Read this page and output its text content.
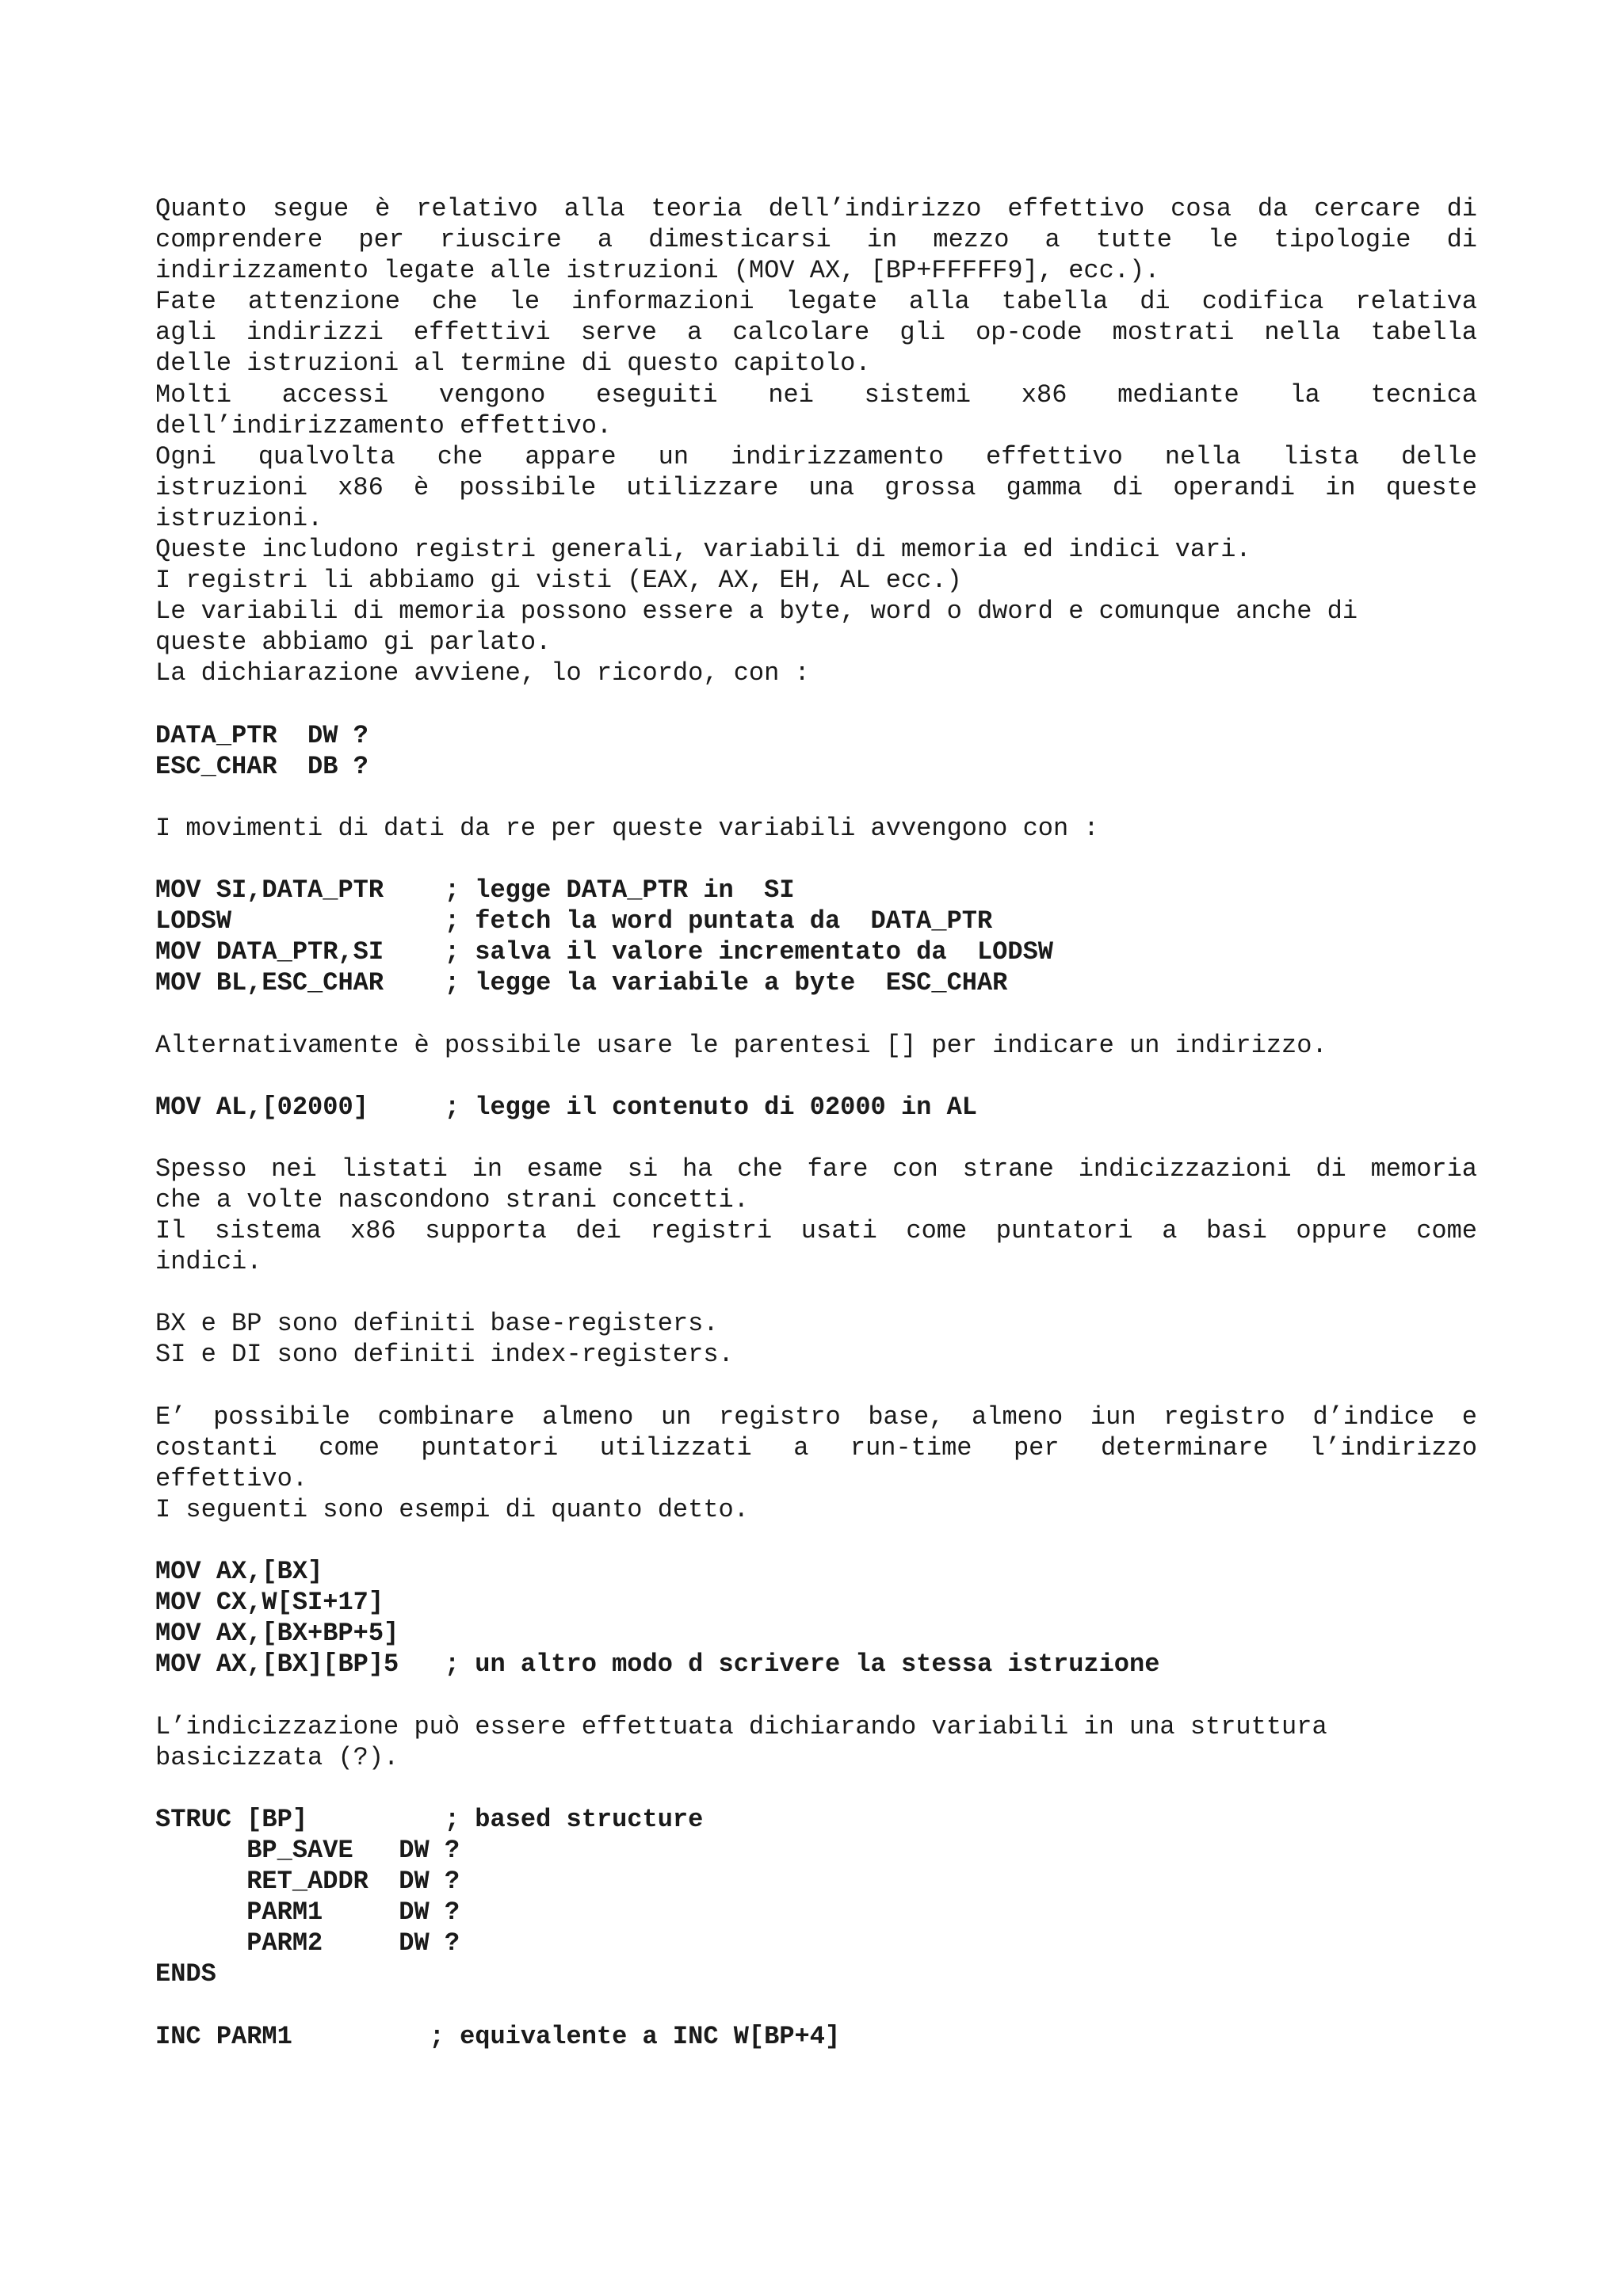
Quanto segue è relativo alla teoria dell’indirizzo effettivo cosa da cercare di
comprendere per riuscire a dimesticarsi in mezzo a tutte le tipologie di
indirizzamento legate alle istruzioni (MOV AX, [BP+FFFFF9], ecc.).
Fate attenzione che le informazioni legate alla tabella di codifica relativa
agli indirizzi effettivi serve a calcolare gli op-code mostrati nella tabella
delle istruzioni al termine di questo capitolo.
Molti accessi vengono eseguiti nei sistemi x86 mediante la tecnica
dell’indirizzamento effettivo.
Ogni qualvolta che appare un indirizzamento effettivo nella lista delle
istruzioni x86 è possibile utilizzare una grossa gamma di operandi in queste
istruzioni.
Queste includono registri generali, variabili di memoria ed indici vari.
I registri li abbiamo gi visti (EAX, AX, EH, AL ecc.)
Le variabili di memoria possono essere a byte, word o dword e comunque anche di
queste abbiamo gi parlato.
La dichiarazione avviene, lo ricordo, con :
DATA_PTR  DW ?
ESC_CHAR  DB ?
I movimenti di dati da re per queste variabili avvengono con :
MOV SI,DATA_PTR    ; legge DATA_PTR in  SI
LODSW              ; fetch la word puntata da  DATA_PTR
MOV DATA_PTR,SI    ; salva il valore incrementato da  LODSW
MOV BL,ESC_CHAR    ; legge la variabile a byte  ESC_CHAR
Alternativamente è possibile usare le parentesi [] per indicare un indirizzo.
MOV AL,[02000]     ; legge il contenuto di 02000 in AL
Spesso nei listati in esame si ha che fare con strane indicizzazioni di memoria
che a volte nascondono strani concetti.
Il sistema x86 supporta dei registri usati come puntatori a basi oppure come
indici.
BX e BP sono definiti base-registers.
SI e DI sono definiti index-registers.
E’ possibile combinare almeno un registro base, almeno iun registro d’indice e
costanti come puntatori utilizzati a run-time per determinare l’indirizzo
effettivo.
I seguenti sono esempi di quanto detto.
MOV AX,[BX]
MOV CX,W[SI+17]
MOV AX,[BX+BP+5]
MOV AX,[BX][BP]5   ; un altro modo d scrivere la stessa istruzione
L’indicizzazione può essere effettuata dichiarando variabili in una struttura
basicizzata (?).
STRUC [BP]         ; based structure
BP_SAVE   DW ?
RET_ADDR  DW ?
PARM1     DW ?
PARM2     DW ?
ENDS
INC PARM1         ; equivalente a INC W[BP+4]
